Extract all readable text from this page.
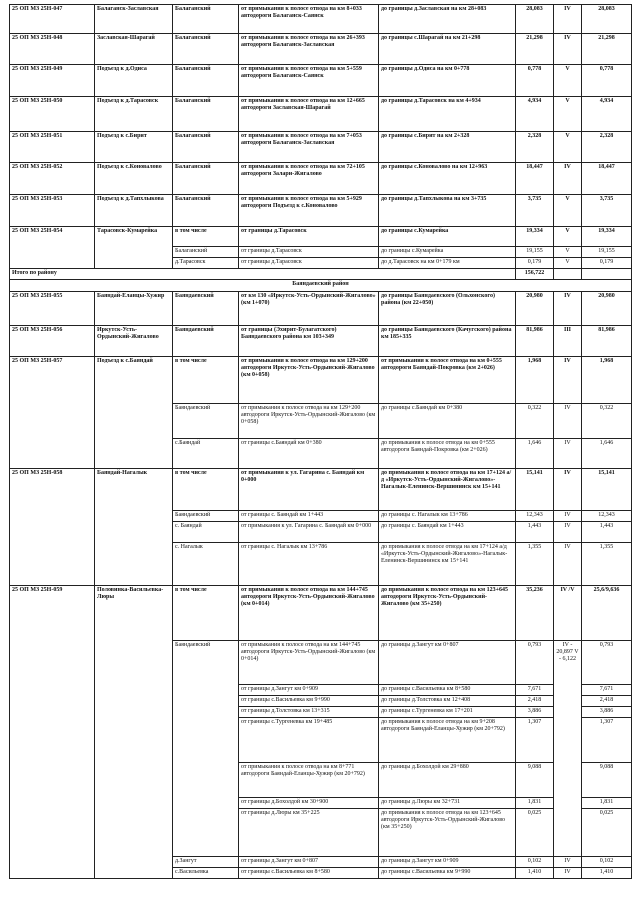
25 ОП МЗ 25Н-047	Балаганск-Заславская	Балаганский	от примыкания к полосе отвода на км 8+033 автодороги Балаганск-Саянск	до границы д.Заславская на км 28+083	28,083	IV	28,083
25 ОП МЗ 25Н-048	Заславская-Шарагай	Балаганский	от примыкания к полосе отвода на км 26+393 автодороги Балаганск-Заславская	до границы с.Шарагай на км 21+298	21,298	IV	21,298
25 ОП МЗ 25Н-049	Подъезд к д.Одиса	Балаганский	от примыкания к полосе отвода на км 5+559 автодороги Балаганск-Саянск	до границы д.Одиса на км 0+778	0,778	V	0,778
25 ОП МЗ 25Н-050	Подъезд к д.Тарасовск	Балаганский	от примыкания к полосе отвода на км 12+665 автодороги Заславская-Шарагай	до границы д.Тарасовск на км 4+934	4,934	V	4,934
25 ОП МЗ 25Н-051	Подъезд к с.Бирит	Балаганский	от примыкания к полосе отвода на км 7+053 автодороги Балаганск-Заславская	до границы с.Бирит на км 2+328	2,328	V	2,328
25 ОП МЗ 25Н-052	Подъезд к с.Коновалово	Балаганский	от примыкания к полосе отвода на км 72+105 автодороги Залари-Жигалово	до границы с.Коновалово на км 12+963	18,447	IV	18,447
25 ОП МЗ 25Н-053	Подъезд к д.Тапхлыкова	Балаганский	от примыкания к полосе отвода на км 5+929 автодороги Подъезд к с.Коновалово	до границы д.Тапхлыкова на км 3+735	3,735	V	3,735
25 ОП МЗ 25Н-054	Тарасовск-Кумарейка	в том числе	от границы д.Тарасовск	до границы с.Кумарейка	19,334	V	19,334
		Балаганский	от границы д.Тарасовск	до границы с.Кумарейка	19,155	V	19,155
		д.Тарасовск	от границы д.Тарасовск	до д.Тарасовск на км 0+179 км	0,179	V	0,179
Итого по району					156,722		
Баяндаевский район							
25 ОП МЗ 25Н-055	Баяндай-Еланцы-Хужир	Баяндаевский	от км 130 «Иркутск-Усть-Ордынский-Жигалово» (км 1+070)	до границы Баяндаевского (Ольхонского) района (км 22+050)	20,980	IV	20,980
25 ОП МЗ 25Н-056	Иркутск-Усть-Ордынский-Жигалово	Баяндаевский	от границы (Эхирит-Булагатского) Баяндаевского района км 103+349	до границы Баяндаевского (Качугского) района км 185+335	81,986	III	81,986
25 ОП МЗ 25Н-057	Подъезд к с.Баяндай	в том числе	от примыкания к полосе отвода на км 129+200 автодороги Иркутск-Усть-Ордынский-Жигалово (км 0+058)	от примыкания к полосе отвода на км 0+555 автодороги Баяндай-Покровка (км 2+026)	1,968	IV	1,968
		Баяндаевский	от примыкания к полосе отвода на км 129+200 автодороги Иркутск-Усть-Ордынский-Жигалово (км 0+058)	до границы с.Баяндай км 0+380	0,322	IV	0,322
		с.Баяндай	от границы с.Баяндай км 0+380	до примыкания к полосе отвода на км 0+555 автодороги Баяндай-Покровка (км 2+026)	1,646	IV	1,646
25 ОП МЗ 25Н-058	Баяндай-Нагалык	в том числе	от примыкания к ул. Гагарина с. Баяндай км 0+000	до примыкания к полосе отвода на км 17+124 а/д «Иркутск-Усть-Ордынский-Жигалово»-Нагалык-Еленинск-Вершининск км 15+141	15,141	IV	15,141
		Баяндаевский	от границы с. Баяндай км 1+443	до границы с. Нагалык км 13+786	12,343	IV	12,343
		с. Баяндай	от примыкания к ул. Гагарина с. Баяндай км 0+000	до границы с. Баяндай км 1+443	1,443	IV	1,443
		с. Нагалык	от границы с. Нагалык км 13+786	до примыкания к полосе отвода на км 17+124 а/д «Иркутск-Усть-Ордынский-Жигалово»-Нагалык-Еленинск-Вершининск км 15+141	1,355	IV	1,355
25 ОП МЗ 25Н-059	Половинка-Васильевка-Люры	в том числе	от примыкания к полосе отвода на км 144+745 автодороги Иркутск-Усть-Ордынский-Жигалово (км 0+014)	до примыкания к полосе отвода на км 123+645 автодороги Иркутск-Усть-Ордынский-Жигалово (км 35+250)	35,236	IV /V	25,6/9,636
		Баяндаевский	от примыкания к полосе отвода на км 144+745 автодороги Иркутск-Усть-Ордынский-Жигалово (км 0+014)	до границы д.Зангут км 0+807	0,793	IV - 20,897 V - 6,122	0,793
			от границы д.Зангут км 0+909	до границы с.Васильевка км 8+580	7,671		7,671
			от границы с.Васильевка км 9+990	до границы д.Толстовка км 12+408	2,418		2,418
			от границы д.Толстовка км 13+315	до границы с.Тургеневка км 17+201	3,886		3,886
			от границы с.Тургеневка км 19+485	до примыкания к полосе отвода на км 9+208 автодороги Баяндай-Еланцы-Хужир (км 20+792)	1,307		1,307
			от примыкания к полосе отвода на км 8+771 автодороги Баяндай-Еланцы-Хужир (км 20+792)	до границы д.Бохолдой км 29+880	9,088		9,088
			от границы д.Бохолдой км 30+900	до границы д.Люры км 32+731	1,831		1,831
			от границы д.Люры км 35+225	до примыкания к полосе отвода на км 123+645 автодороги Иркутск-Усть-Ордынский-Жигалово (км 35+250)	0,025		0,025
		д.Зангут	от границы д.Зангут км 0+807	до границы д.Зангут км 0+909	0,102	IV	0,102
		с.Васильевка	от границы с.Васильевка км 8+580	до границы с.Васильевка км 9+990	1,410	IV	1,410
